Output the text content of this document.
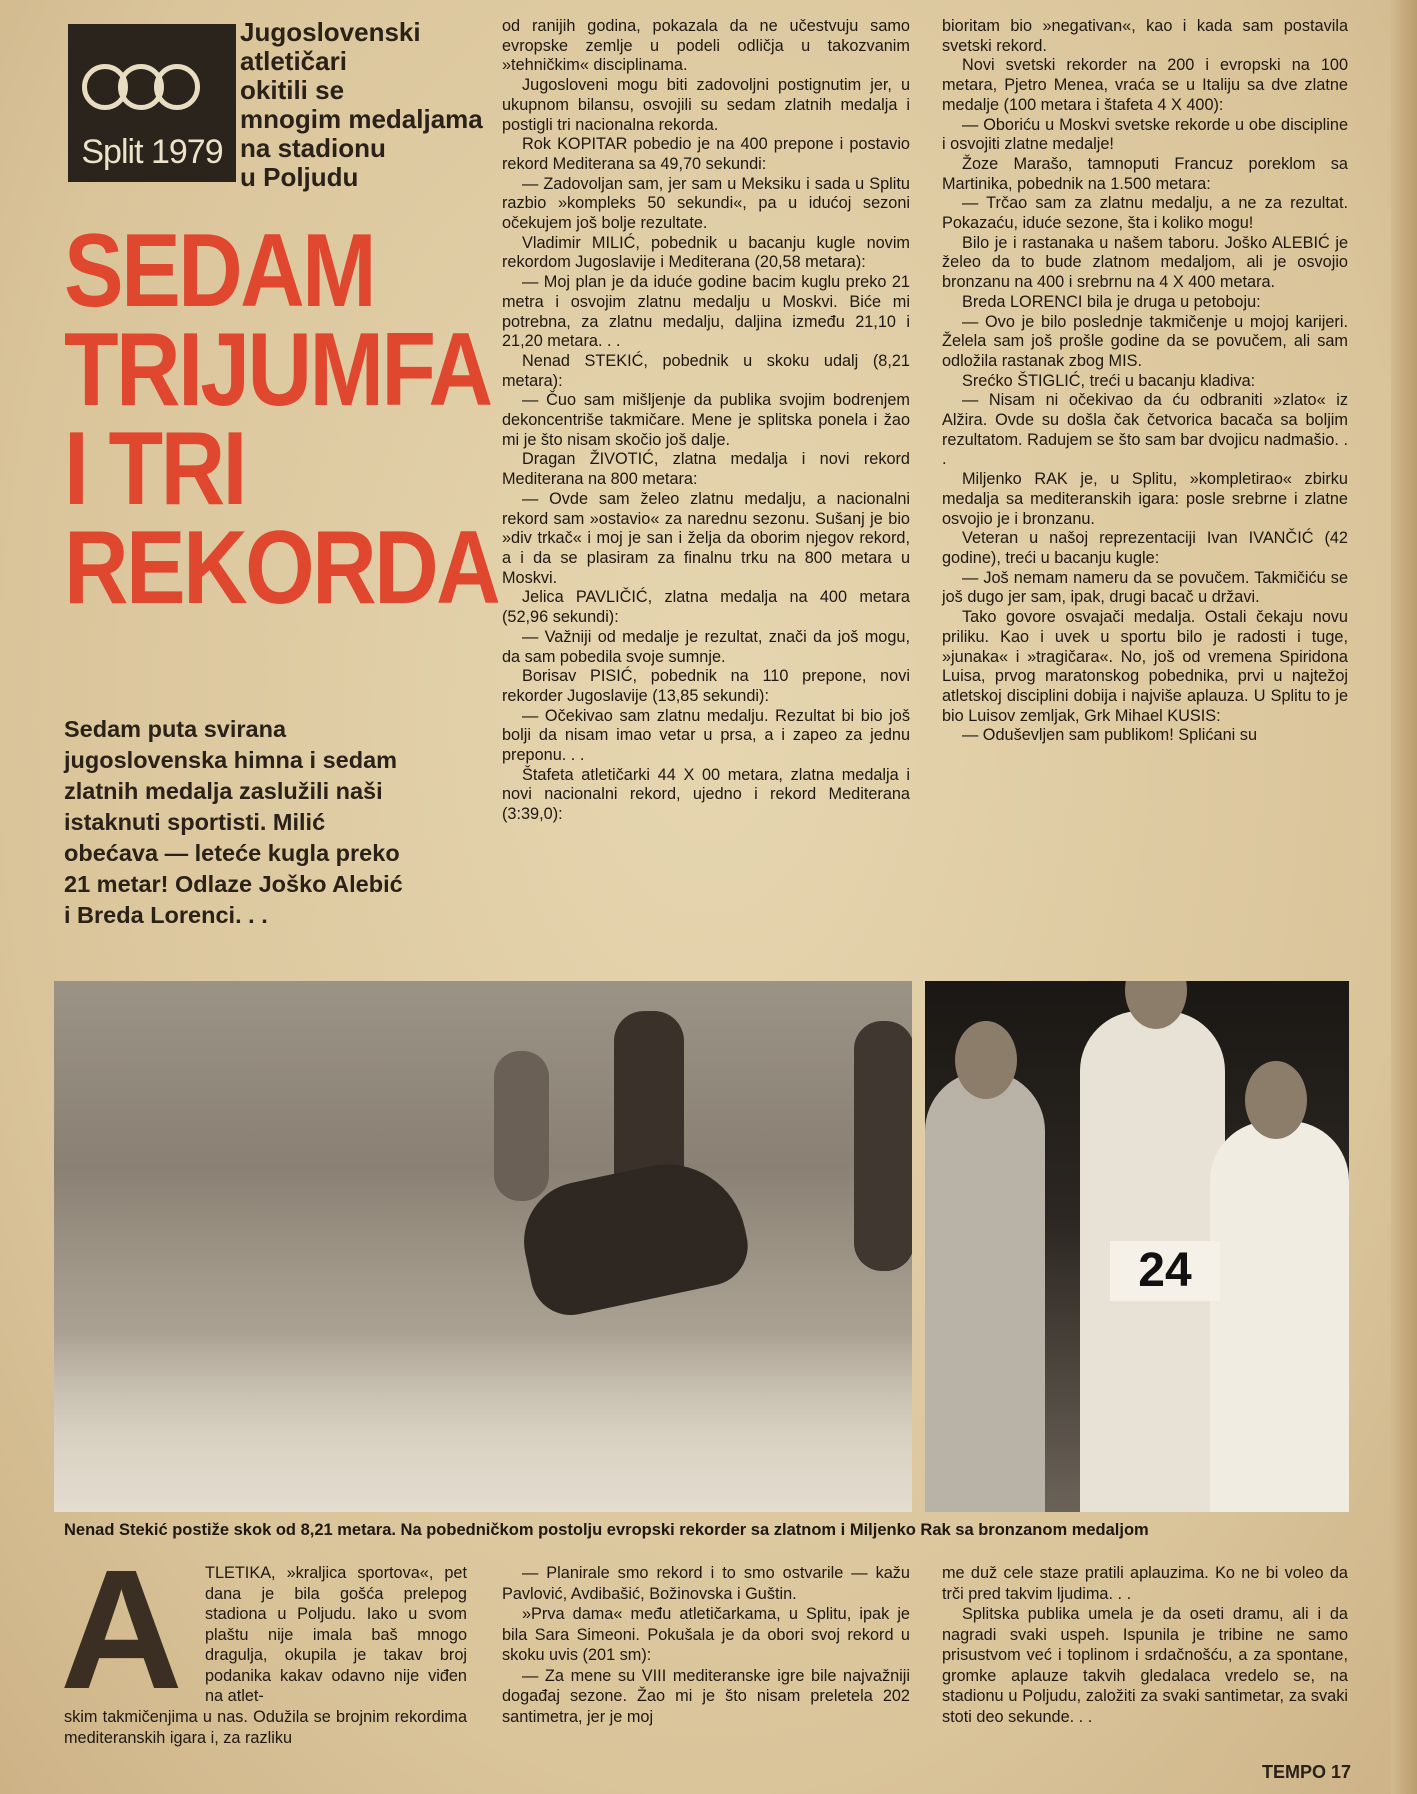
Split 1979
Jugoslovenski
atletičari
okitili se
mnogim medaljama
na stadionu
u Poljudu
SEDAM
TRIJUMFA
I TRI
REKORDA
Sedam puta svirana jugoslovenska himna i sedam zlatnih medalja zaslužili naši istaknuti sportisti. Milić obećava — leteće kugla preko 21 metar! Odlaze Joško Alebić i Breda Lorenci. . .

od ranijih godina, pokazala da ne učestvuju samo evropske zemlje u podeli odličja u takozvanim »tehničkim« disciplinama.

Jugosloveni mogu biti zadovoljni postignutim jer, u ukupnom bilansu, osvojili su sedam zlatnih medalja i postigli tri nacionalna rekorda.

Rok KOPITAR pobedio je na 400 prepone i postavio rekord Mediterana sa 49,70 sekundi:

— Zadovoljan sam, jer sam u Meksiku i sada u Splitu razbio »kompleks 50 sekundi«, pa u idućoj sezoni očekujem još bolje rezultate.

Vladimir MILIĆ, pobednik u bacanju kugle novim rekordom Jugoslavije i Mediterana (20,58 metara):

— Moj plan je da iduće godine bacim kuglu preko 21 metra i osvojim zlatnu medalju u Moskvi. Biće mi potrebna, za zlatnu medalju, daljina između 21,10 i 21,20 metara. . .

Nenad STEKIĆ, pobednik u skoku udalj (8,21 metara):

— Čuo sam mišljenje da publika svojim bodrenjem dekoncentriše takmičare. Mene je splitska ponela i žao mi je što nisam skočio još dalje.

Dragan ŽIVOTIĆ, zlatna medalja i novi rekord Mediterana na 800 metara:

— Ovde sam želeo zlatnu medalju, a nacionalni rekord sam »ostavio« za narednu sezonu. Sušanj je bio »div trkač« i moj je san i želja da oborim njegov rekord, a i da se plasiram za finalnu trku na 800 metara u Moskvi.

Jelica PAVLIČIĆ, zlatna medalja na 400 metara (52,96 sekundi):

— Važniji od medalje je rezultat, znači da još mogu, da sam pobedila svoje sumnje.

Borisav PISIĆ, pobednik na 110 prepone, novi rekorder Jugoslavije (13,85 sekundi):

— Očekivao sam zlatnu medalju. Rezultat bi bio još bolji da nisam imao vetar u prsa, a i zapeo za jednu preponu. . .

Štafeta atletičarki 44 X 00 metara, zlatna medalja i novi nacionalni rekord, ujedno i rekord Mediterana (3:39,0):

bioritam bio »negativan«, kao i kada sam postavila svetski rekord.

Novi svetski rekorder na 200 i evropski na 100 metara, Pjetro Menea, vraća se u Italiju sa dve zlatne medalje (100 metara i štafeta 4 X 400):

— Oboriću u Moskvi svetske rekorde u obe discipline i osvojiti zlatne medalje!

Žoze Marašo, tamnoputi Francuz poreklom sa Martinika, pobednik na 1.500 metara:

— Trčao sam za zlatnu medalju, a ne za rezultat. Pokazaću, iduće sezone, šta i koliko mogu!

Bilo je i rastanaka u našem taboru. Joško ALEBIĆ je želeo da to bude zlatnom medaljom, ali je osvojio bronzanu na 400 i srebrnu na 4 X 400 metara.

Breda LORENCI bila je druga u petoboju:

— Ovo je bilo poslednje takmičenje u mojoj karijeri. Želela sam još prošle godine da se povučem, ali sam odložila rastanak zbog MIS.

Srećko ŠTIGLIĆ, treći u bacanju kladiva:

— Nisam ni očekivao da ću odbraniti »zlato« iz Alžira. Ovde su došla čak četvorica bacača sa boljim rezultatom. Radujem se što sam bar dvojicu nadmašio. . .

Miljenko RAK je, u Splitu, »kompletirao« zbirku medalja sa mediteranskih igara: posle srebrne i zlatne osvojio je i bronzanu.

Veteran u našoj reprezentaciji Ivan IVANČIĆ (42 godine), treći u bacanju kugle:

— Još nemam nameru da se povučem. Takmičiću se još dugo jer sam, ipak, drugi bacač u državi.

Tako govore osvajači medalja. Ostali čekaju novu priliku. Kao i uvek u sportu bilo je radosti i tuge, »junaka« i »tragičara«. No, još od vremena Spiridona Luisa, prvog maratonskog pobednika, prvi u najtežoj atletskoj disciplini dobija i najviše aplauza. U Splitu to je bio Luisov zemljak, Grk Mihael KUSIS:

— Oduševljen sam publikom! Splićani su

24
Nenad Stekić postiže skok od 8,21 metara. Na pobedničkom postolju evropski rekorder sa zlatnom i Miljenko Rak sa bronzanom medaljom
A	TLETIKA, »kraljica sportova«, pet dana je bila gošća prelepog stadiona u Poljudu. Iako u svom plaštu nije imala baš mnogo dragulja, okupila je takav broj podanika kakav odavno nije viđen na atlet-
skim takmičenjima u nas. Odužila se brojnim rekordima mediteranskih igara i, za razliku

— Planirale smo rekord i to smo ostvarile — kažu Pavlović, Avdibašić, Božinovska i Guštin.

»Prva dama« među atletičarkama, u Splitu, ipak je bila Sara Simeoni. Pokušala je da obori svoj rekord u skoku uvis (201 sm):

— Za mene su VIII mediteranske igre bile najvažniji događaj sezone. Žao mi je što nisam preletela 202 santimetra, jer je moj

me duž cele staze pratili aplauzima. Ko ne bi voleo da trči pred takvim ljudima. . .

Splitska publika umela je da oseti dramu, ali i da nagradi svaki uspeh. Ispunila je tribine ne samo prisustvom već i toplinom i srdačnošću, a za spontane, gromke aplauze takvih gledalaca vredelo se, na stadionu u Poljudu, založiti za svaki santimetar, za svaki stoti deo sekunde. . .

TEMPO 17
